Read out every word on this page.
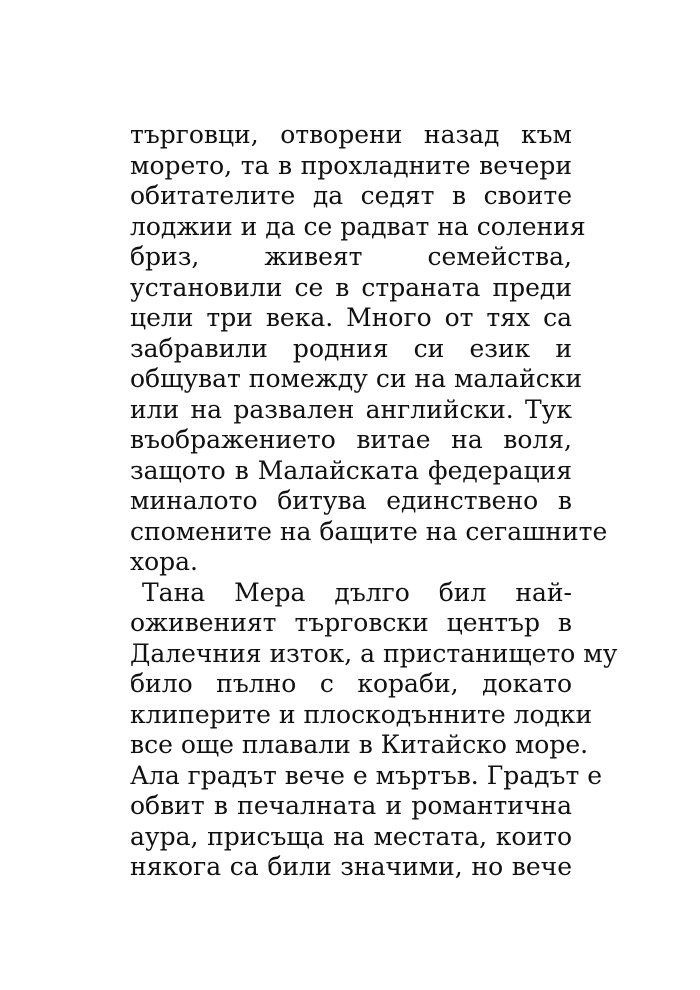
търговци, отворени назад към
морето, та в прохладните вечери
обитателите да седят в своите
лоджии и да се радват на соления
бриз, живеят семейства,
установили се в страната преди
цели три века. Много от тях са
забравили родния си език и
общуват помежду си на малайски
или на развален английски. Тук
въображението витае на воля,
защото в Малайската федерация
миналото битува единствено в
спомените на бащите на сегашните
хора.
Тана Мера дълго бил най-
оживеният търговски център в
Далечния изток, а пристанището му
било пълно с кораби, докато
клиперите и плоскодънните лодки
все още плавали в Китайско море.
Ала градът вече е мъртъв. Градът е
обвит в печалната и романтична
аура, присъща на местата, които
някога са били значими, но вече
